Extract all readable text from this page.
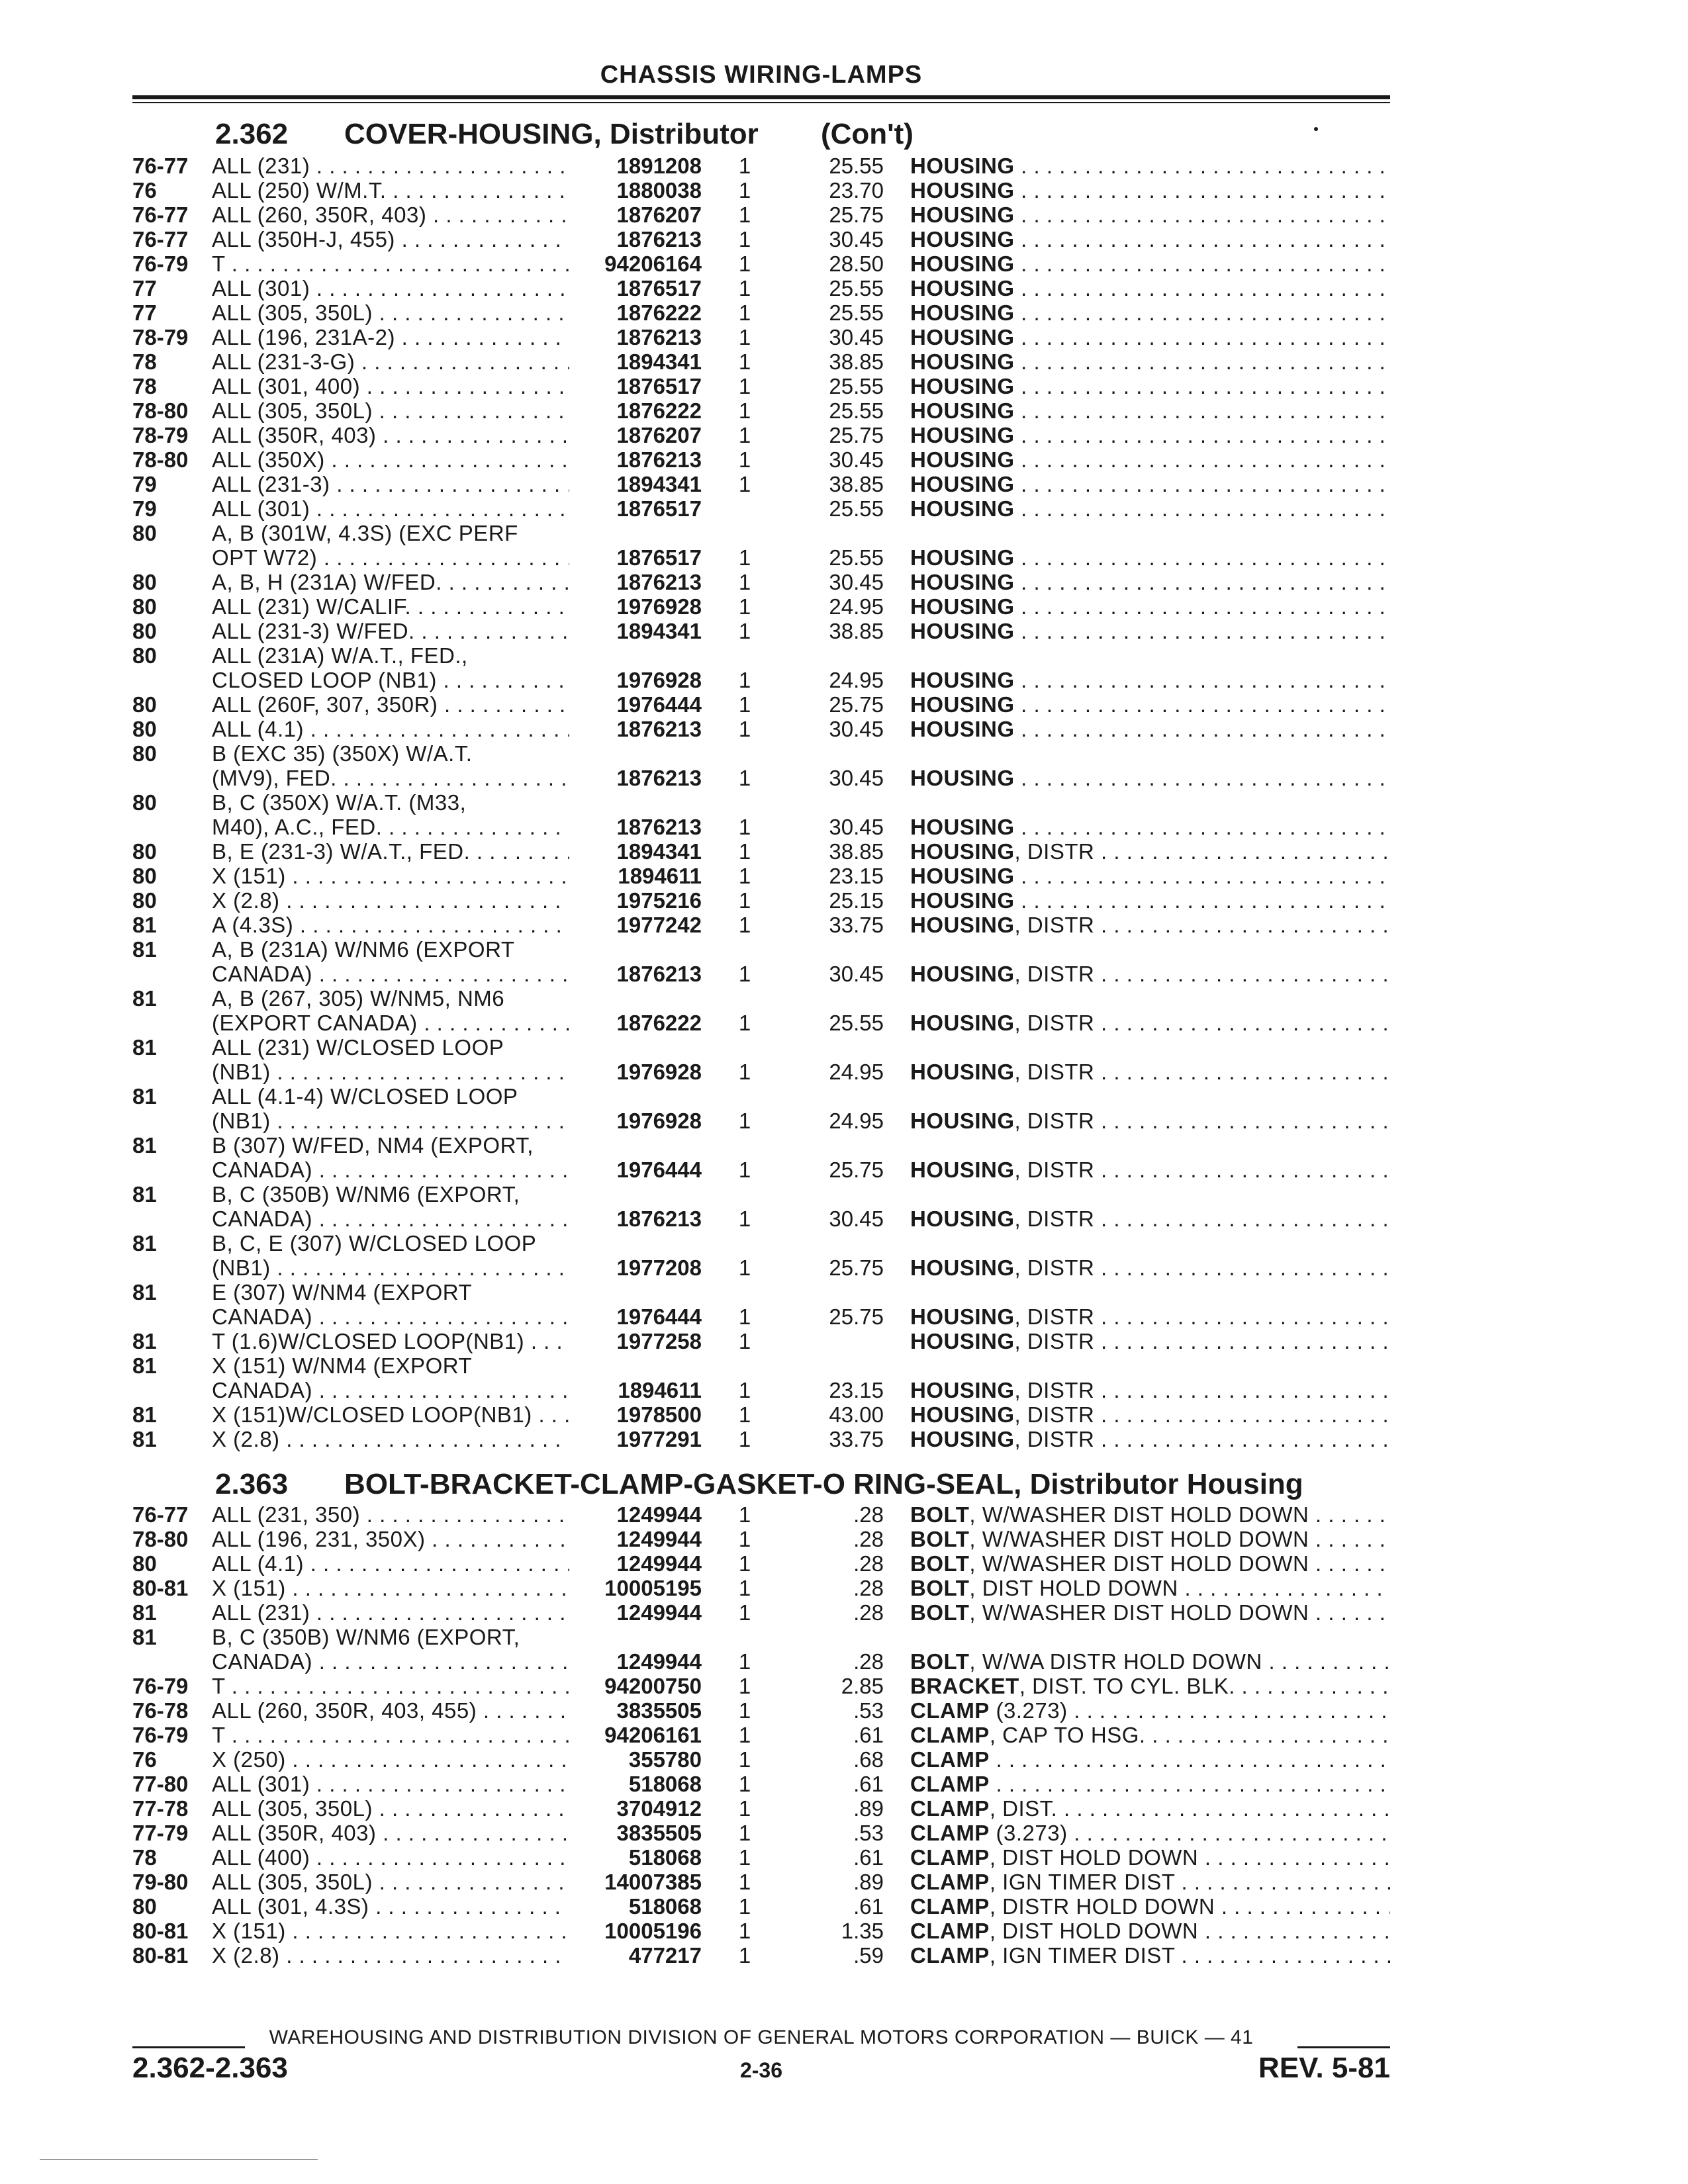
CHASSIS WIRING-LAMPS
2.362 COVER-HOUSING, Distributor (Con't)
76-77	ALL (231) . . .	1891208	1	25.55 HOUSING . . .
76	ALL (250) W/M.T. . . .	1880038	1	23.70 HOUSING . . .
76-77	ALL (260, 350R, 403) . . .	1876207	1	25.75 HOUSING . . .
76-77	ALL (350H-J, 455) . . .	1876213	1	30.45 HOUSING . . .
76-79	T . . .	94206164	1	28.50 HOUSING . . .
77	ALL (301) . . .	1876517	1	25.55 HOUSING . . .
77	ALL (305, 350L) . . .	1876222	1	25.55 HOUSING . . .
78-79	ALL (196, 231A-2) . . .	1876213	1	30.45 HOUSING . . .
78	ALL (231-3-G) . . .	1894341	1	38.85 HOUSING . . .
78	ALL (301, 400) . . .	1876517	1	25.55 HOUSING . . .
78-80	ALL (305, 350L) . . .	1876222	1	25.55 HOUSING . . .
78-79	ALL (350R, 403) . . .	1876207	1	25.75 HOUSING . . .
78-80	ALL (350X) . . .	1876213	1	30.45 HOUSING . . .
79	ALL (231-3) . . .	1894341	1	38.85 HOUSING . . .
79	ALL (301) . . .	1876517	25.55 HOUSING . . .
80	A, B (301W, 4.3S) (EXC PERF
OPT W72) . . .	1876517	1	25.55 HOUSING . . .
80	A, B, H (231A) W/FED. . . .	1876213	1	30.45 HOUSING . . .
80	ALL (231) W/CALIF. . . .	1976928	1	24.95 HOUSING . . .
80	ALL (231-3) W/FED. . . .	1894341	1	38.85 HOUSING . . .
80	ALL (231A) W/A.T., FED.,
CLOSED LOOP (NB1) . . .	1976928	1	24.95 HOUSING . . .
80	ALL (260F, 307, 350R) . . .	1976444	1	25.75 HOUSING . . .
80	ALL (4.1) . . .	1876213	1	30.45 HOUSING . . .
80	B (EXC 35) (350X) W/A.T.
(MV9), FED. . . .	1876213	1	30.45 HOUSING . . .
80	B, C (350X) W/A.T. (M33,
M40), A.C., FED. . . .	1876213	1	30.45 HOUSING . . .
80	B, E (231-3) W/A.T., FED. . . .	1894341	1	38.85 HOUSING, DISTR . . .
80	X (151) . . .	1894611	1	23.15 HOUSING . . .
80	X (2.8) . . .	1975216	1	25.15 HOUSING . . .
81	A (4.3S) . . .	1977242	1	33.75 HOUSING, DISTR . . .
81	A, B (231A) W/NM6 (EXPORT
CANADA) . . .	1876213	1	30.45 HOUSING, DISTR . . .
81	A, B (267, 305) W/NM5, NM6
(EXPORT CANADA) . . .	1876222	1	25.55 HOUSING, DISTR . . .
81	ALL (231) W/CLOSED LOOP
(NB1) . . .	1976928	1	24.95 HOUSING, DISTR . . .
81	ALL (4.1-4) W/CLOSED LOOP
(NB1) . . .	1976928	1	24.95 HOUSING, DISTR . . .
81	B (307) W/FED, NM4 (EXPORT,
CANADA) . . .	1976444	1	25.75 HOUSING, DISTR . . .
81	B, C (350B) W/NM6 (EXPORT,
CANADA) . . .	1876213	1	30.45 HOUSING, DISTR . . .
81	B, C, E (307) W/CLOSED LOOP
(NB1) . . .	1977208	1	25.75 HOUSING, DISTR . . .
81	E (307) W/NM4 (EXPORT
CANADA) . . .	1976444	1	25.75 HOUSING, DISTR . . .
81	T (1.6)W/CLOSED LOOP(NB1) . . . .	1977258	1	HOUSING, DISTR . . .
81	X (151) W/NM4 (EXPORT
CANADA) . . .	1894611	1	23.15 HOUSING, DISTR . . .
81	X (151)W/CLOSED LOOP(NB1) . . .	1978500	1	43.00 HOUSING, DISTR . . .
81	X (2.8) . . .	1977291	1	33.75 HOUSING, DISTR . . .
2.363 BOLT-BRACKET-CLAMP-GASKET-O RING-SEAL, Distributor Housing
76-77	ALL (231, 350) . . .	1249944	1	.28 BOLT, W/WASHER DIST HOLD DOWN . . .
78-80	ALL (196, 231, 350X) . . .	1249944	1	.28 BOLT, W/WASHER DIST HOLD DOWN . . .
80	ALL (4.1) . . .	1249944	1	.28 BOLT, W/WASHER DIST HOLD DOWN . . .
80-81	X (151) . . .	10005195	1	.28 BOLT, DIST HOLD DOWN . . .
81	ALL (231) . . .	1249944	1	.28 BOLT, W/WASHER DIST HOLD DOWN . . .
81	B, C (350B) W/NM6 (EXPORT,
CANADA) . . .	1249944	1	.28 BOLT, W/WA DISTR HOLD DOWN . . .
76-79	T . . .	94200750	1	2.85 BRACKET, DIST. TO CYL. BLK. . . .
76-78	ALL (260, 350R, 403, 455) . . .	3835505	1	.53 CLAMP (3.273) . . .
76-79	T . . .	94206161	1	.61 CLAMP, CAP TO HSG. . . .
76	X (250) . . .	355780	1	.68 CLAMP . . .
77-80	ALL (301) . . .	518068	1	.61 CLAMP . . .
77-78	ALL (305, 350L) . . .	3704912	1	.89 CLAMP, DIST. . . .
77-79	ALL (350R, 403) . . .	3835505	1	.53 CLAMP (3.273) . . .
78	ALL (400) . . .	518068	1	.61 CLAMP, DIST HOLD DOWN . . .
79-80	ALL (305, 350L) . . .	14007385	1	.89 CLAMP, IGN TIMER DIST . . .
80	ALL (301, 4.3S) . . .	518068	1	.61 CLAMP, DISTR HOLD DOWN . . .
80-81	X (151) . . .	10005196	1	1.35 CLAMP, DIST HOLD DOWN . . .
80-81	X (2.8) . . .	477217	1	.59 CLAMP, IGN TIMER DIST . . .
WAREHOUSING AND DISTRIBUTION DIVISION OF GENERAL MOTORS CORPORATION — BUICK — 41
2.362-2.363	2-36	REV. 5-81
